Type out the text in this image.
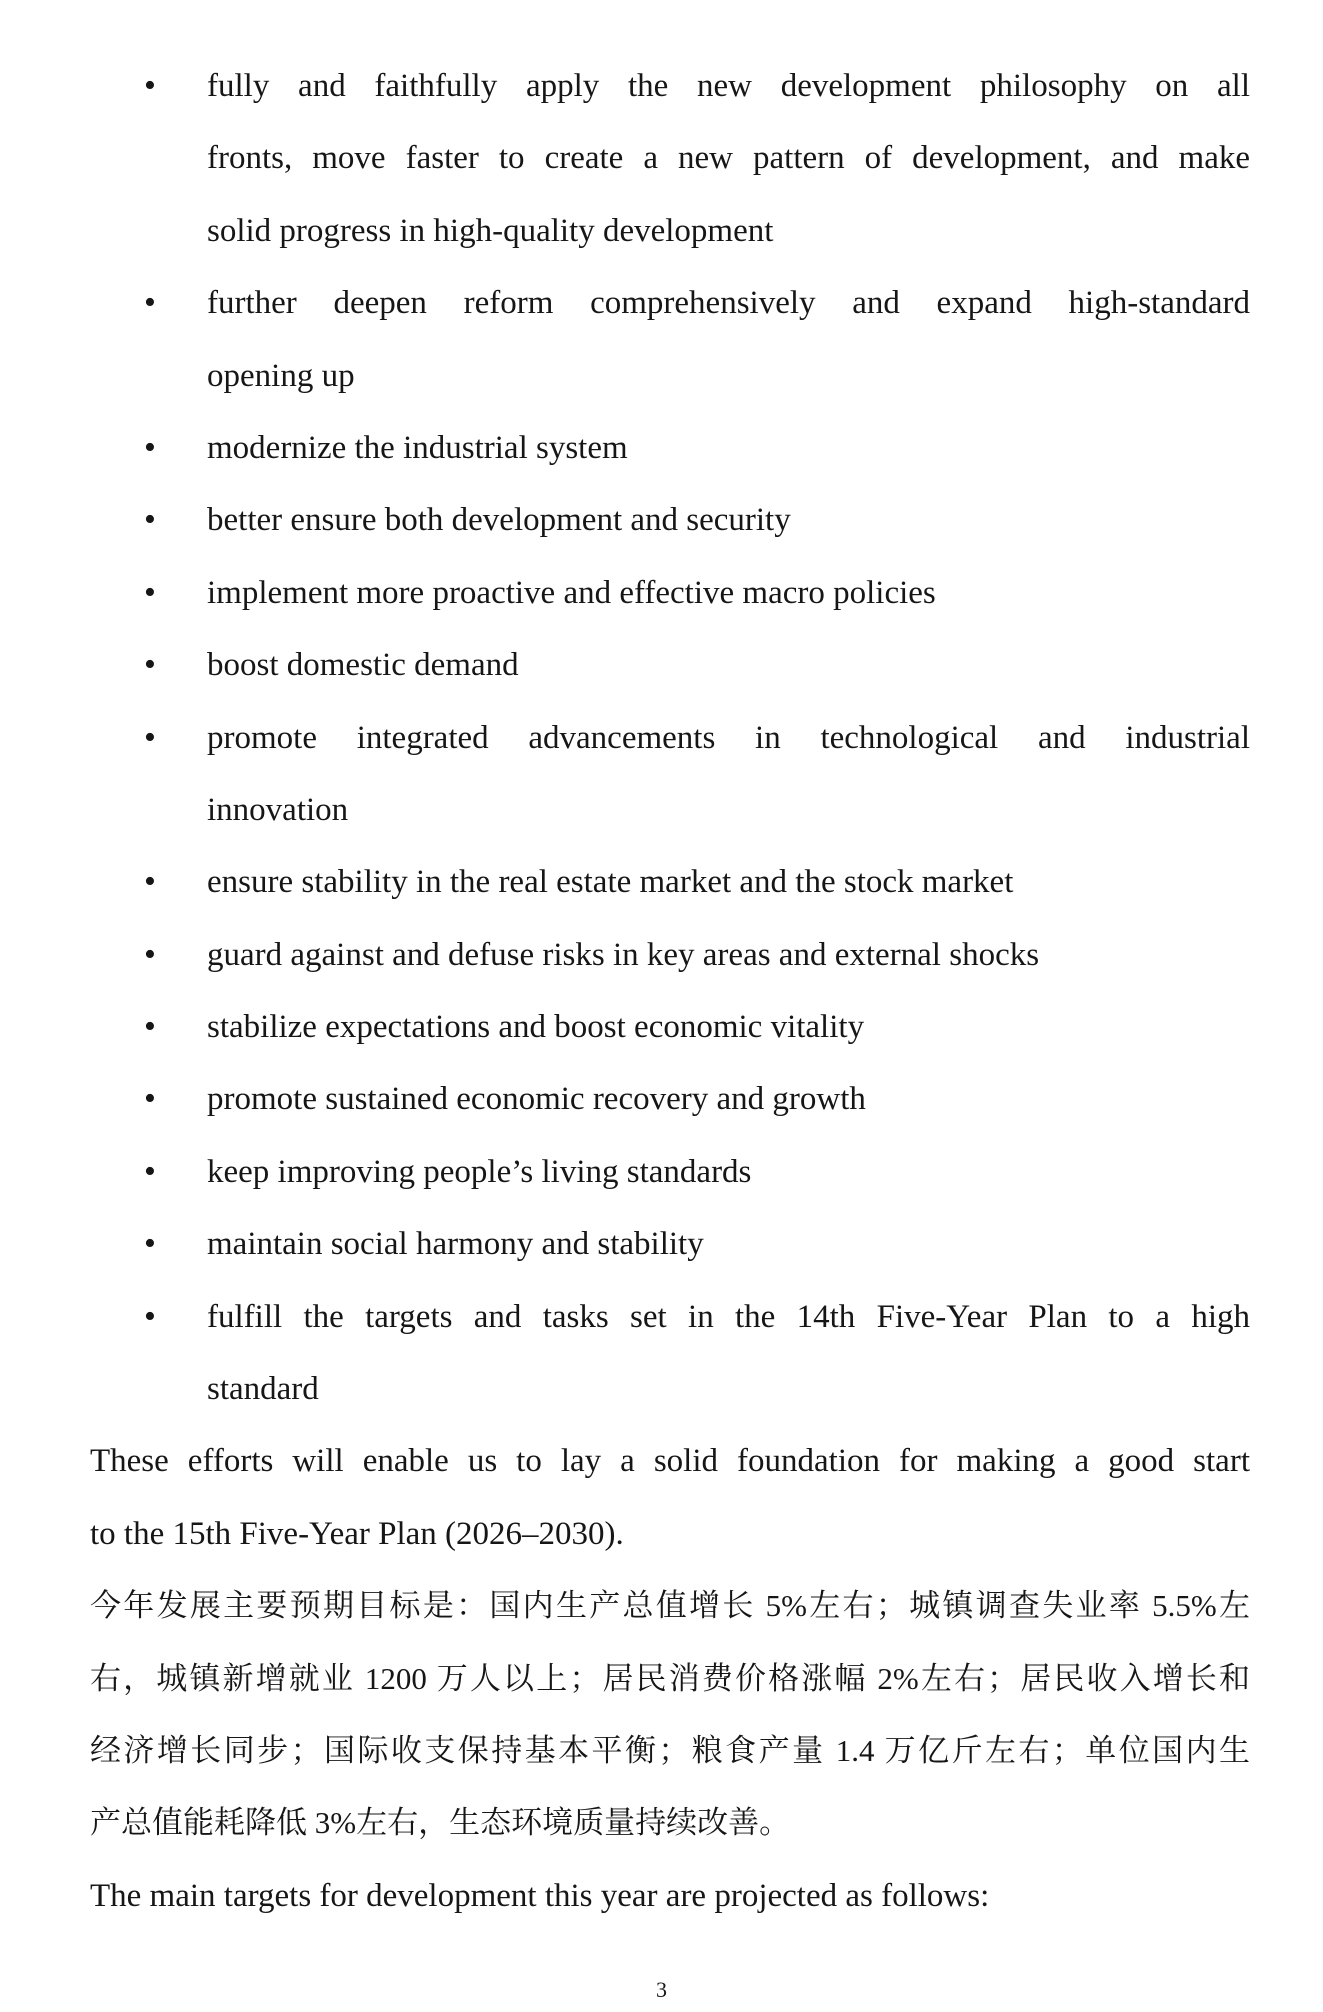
•
fully and faithfully apply the new development philosophy on all
fronts, move faster to create a new pattern of development, and make
solid progress in high-quality development
•
further deepen reform comprehensively and expand high-standard
opening up
•
modernize the industrial system
•
better ensure both development and security
•
implement more proactive and effective macro policies
•
boost domestic demand
•
promote integrated advancements in technological and industrial
innovation
•
ensure stability in the real estate market and the stock market
•
guard against and defuse risks in key areas and external shocks
•
stabilize expectations and boost economic vitality
•
promote sustained economic recovery and growth
•
keep improving people’s living standards
•
maintain social harmony and stability
•
fulfill the targets and tasks set in the 14th Five-Year Plan to a high
standard
These efforts will enable us to lay a solid foundation for making a good start
to the 15th Five-Year Plan (2026–2030).
今年发展主要预期目标是：国内生产总值增长 5%左右；城镇调查失业率 5.5%左
右，城镇新增就业 1200 万人以上；居民消费价格涨幅 2%左右；居民收入增长和
经济增长同步；国际收支保持基本平衡；粮食产量 1.4 万亿斤左右；单位国内生
产总值能耗降低 3%左右，生态环境质量持续改善。
The main targets for development this year are projected as follows:
3
